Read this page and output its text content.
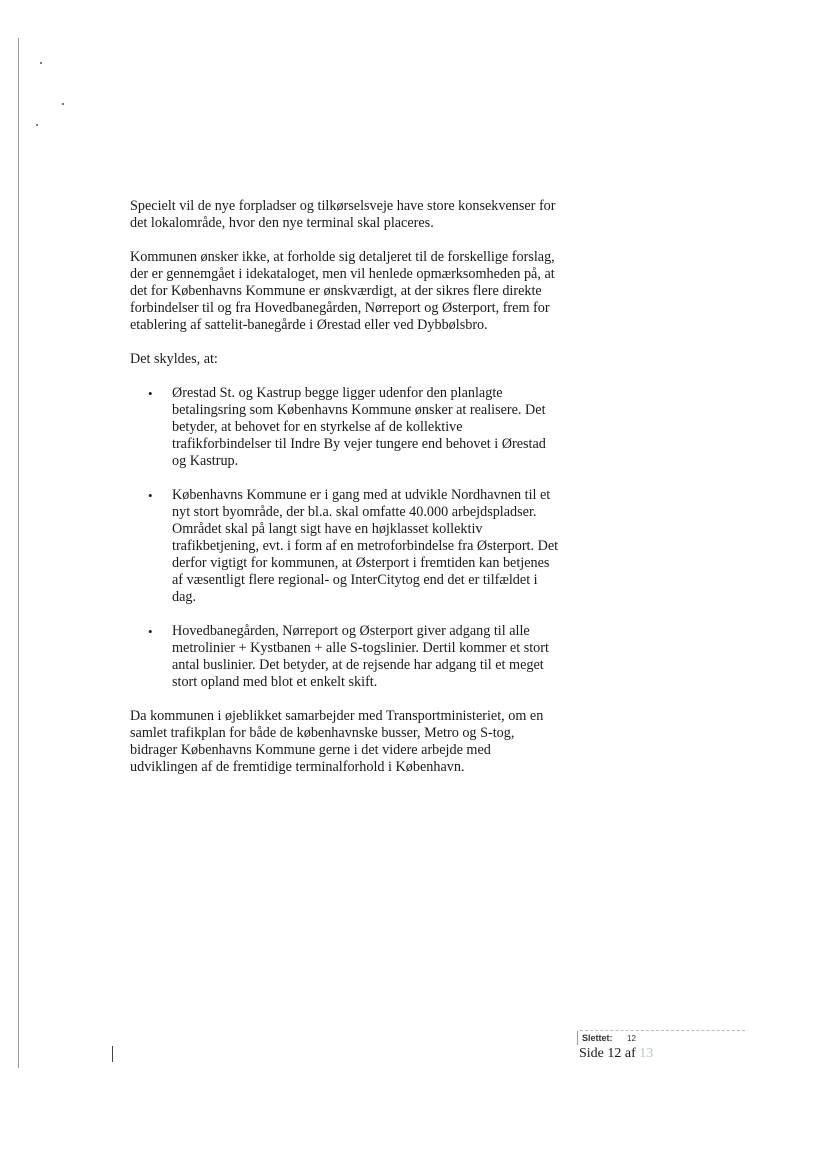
Specielt vil de nye forpladser og tilkørselsveje have store konsekvenser for det lokalområde, hvor den nye terminal skal placeres.

Kommunen ønsker ikke, at forholde sig detaljeret til de forskellige forslag, der er gennemgået i idekataloget, men vil henlede opmærksomheden på, at det for Københavns Kommune er ønskværdigt, at der sikres flere direkte forbindelser til og fra Hovedbanegården, Nørreport og Østerport, frem for etablering af sattelit-banegårde i Ørestad eller ved Dybbølsbro.

Det skyldes, at:

• Ørestad St. og Kastrup begge ligger udenfor den planlagte betalingsring som Københavns Kommune ønsker at realisere. Det betyder, at behovet for en styrkelse af de kollektive trafikforbindelser til Indre By vejer tungere end behovet i Ørestad og Kastrup.
• Københavns Kommune er i gang med at udvikle Nordhavnen til et nyt stort byområde, der bl.a. skal omfatte 40.000 arbejdspladser. Området skal på langt sigt have en højklasset kollektiv trafikbetjening, evt. i form af en metroforbindelse fra Østerport. Det derfor vigtigt for kommunen, at Østerport i fremtiden kan betjenes af væsentligt flere regional- og InterCitytog end det er tilfældet i dag.
• Hovedbanegården, Nørreport og Østerport giver adgang til alle metrolinier + Kystbanen + alle S-togslinier. Dertil kommer et stort antal buslinier. Det betyder, at de rejsende har adgang til et meget stort opland med blot et enkelt skift.

Da kommunen i øjeblikket samarbejder med Transportministeriet, om en samlet trafikplan for både de københavnske busser, Metro og S-tog, bidrager Københavns Kommune gerne i det videre arbejde med udviklingen af de fremtidige terminalforhold i København.

Slettet: 12
Side 12 af 13
